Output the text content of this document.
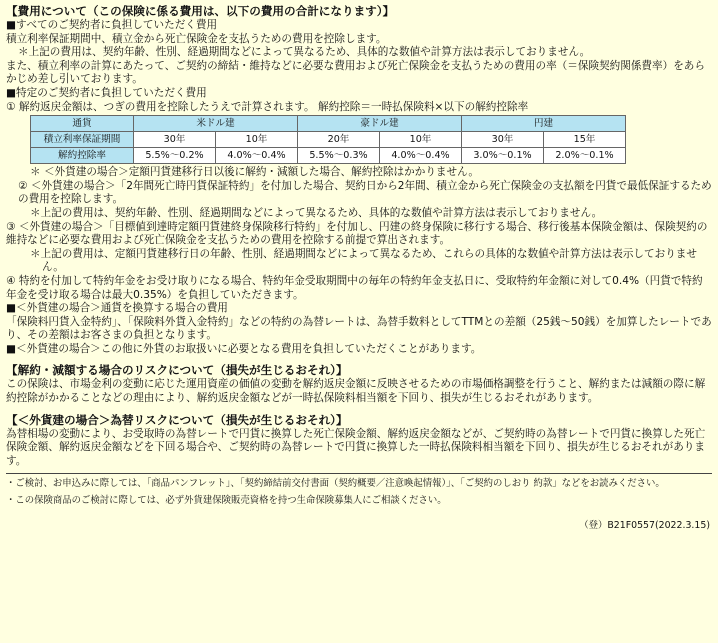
【費用について（この保険に係る費用は、以下の費用の合計になります）】

■すべてのご契約者に負担していただく費用

積立利率保証期間中、積立金から死亡保険金を支払うための費用を控除します。

＊上記の費用は、契約年齢、性別、経過期間などによって異なるため、具体的な数値や計算方法は表示しておりません。

また、積立利率の計算にあたって、ご契約の締結・維持などに必要な費用および死亡保険金を支払うための費用の率（＝保険契約関係費率）をあらかじめ差し引いております。

■特定のご契約者に負担していただく費用

① 解約返戻金額は、つぎの費用を控除したうえで計算されます。 解約控除＝一時払保険料×以下の解約控除率

通貨	米ドル建		豪ドル建		円建	
積立利率保証期間	30年	10年	20年	10年	30年	15年
解約控除率	5.5%～0.2%	4.0%～0.4%	5.5%～0.3%	4.0%～0.4%	3.0%～0.1%	2.0%～0.1%

＊ ＜外貨建の場合＞定額円貨建移行日以後に解約・減額した場合、解約控除はかかりません。

② ＜外貨建の場合＞「2年間死亡時円貨保証特約」を付加した場合、契約日から2年間、積立金から死亡保険金の支払額を円貨で最低保証するための費用を控除します。

＊上記の費用は、契約年齢、性別、経過期間などによって異なるため、具体的な数値や計算方法は表示しておりません。

③ ＜外貨建の場合＞「目標値到達時定額円貨建終身保険移行特約」を付加し、円建の終身保険に移行する場合、移行後基本保険金額は、保険契約の維持などに必要な費用および死亡保険金を支払うための費用を控除する前提で算出されます。

＊上記の費用は、定額円貨建移行日の年齢、性別、経過期間などによって異なるため、これらの具体的な数値や計算方法は表示しておりません。

④ 特約を付加して特約年金をお受け取りになる場合、特約年金受取期間中の毎年の特約年金支払日に、受取特約年金額に対して0.4%（円貨で特約年金を受け取る場合は最大0.35%）を負担していただきます。

■＜外貨建の場合＞通貨を換算する場合の費用

「保険料円貨入金特約」、「保険料外貨入金特約」などの特約の為替レートは、為替手数料としてTTMとの差額（25銭～50銭）を加算したレートであり、その差額はお客さまの負担となります。

■＜外貨建の場合＞この他に外貨のお取扱いに必要となる費用を負担していただくことがあります。

【解約・減額する場合のリスクについて（損失が生じるおそれ）】

この保険は、市場金利の変動に応じた運用資産の価値の変動を解約返戻金額に反映させるための市場価格調整を行うこと、解約または減額の際に解約控除がかかることなどの理由により、解約返戻金額などが一時払保険料相当額を下回り、損失が生じるおそれがあります。

【＜外貨建の場合＞為替リスクについて（損失が生じるおそれ）】

為替相場の変動により、お受取時の為替レートで円貨に換算した死亡保険金額、解約返戻金額などが、ご契約時の為替レートで円貨に換算した死亡保険金額、解約返戻金額などを下回る場合や、ご契約時の為替レートで円貨に換算した一時払保険料相当額を下回り、損失が生じるおそれがあります。

・ご検討、お申込みに際しては、「商品パンフレット」、「契約締結前交付書面（契約概要／注意喚起情報）」、「ご契約のしおり 約款」などをお読みください。

・この保険商品のご検討に際しては、必ず外貨建保険販売資格を持つ生命保険募集人にご相談ください。

（登）B21F0557(2022.3.15)
